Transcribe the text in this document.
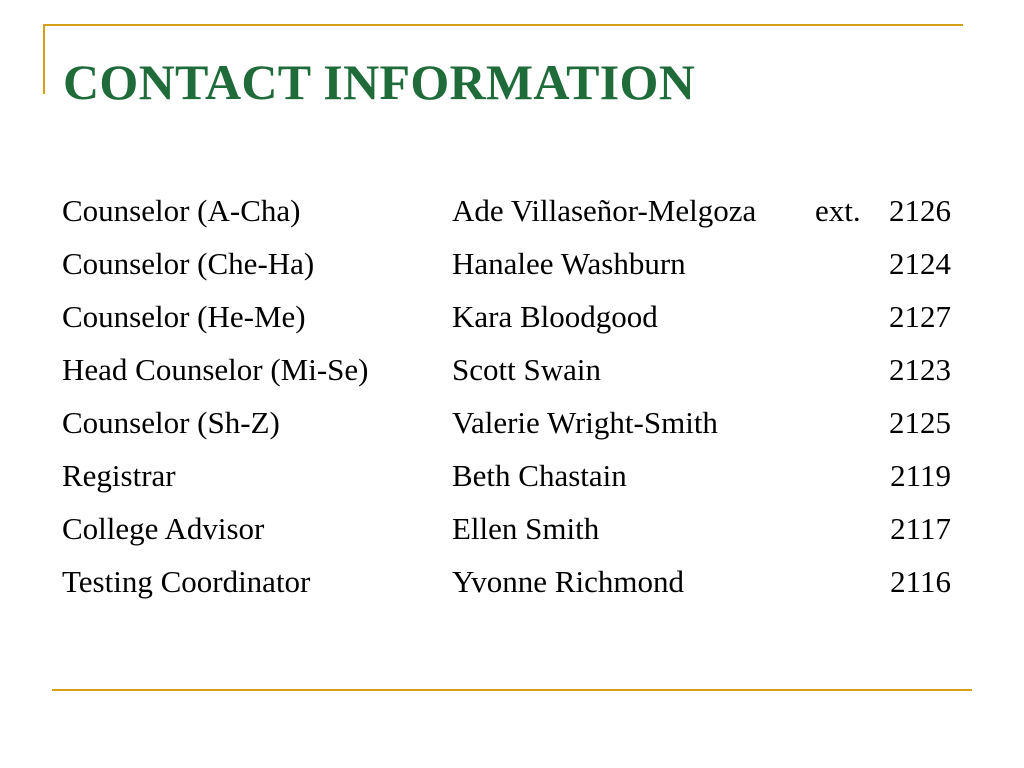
CONTACT INFORMATION
Counselor (A-Cha)	Ade Villaseñor-Melgoza	ext.	2126
Counselor (Che-Ha)	Hanalee Washburn		2124
Counselor (He-Me)	Kara Bloodgood		2127
Head Counselor (Mi-Se)	Scott Swain		2123
Counselor (Sh-Z)	Valerie Wright-Smith		2125
Registrar	Beth Chastain		2119
College Advisor	Ellen Smith		2117
Testing Coordinator	Yvonne Richmond		2116
